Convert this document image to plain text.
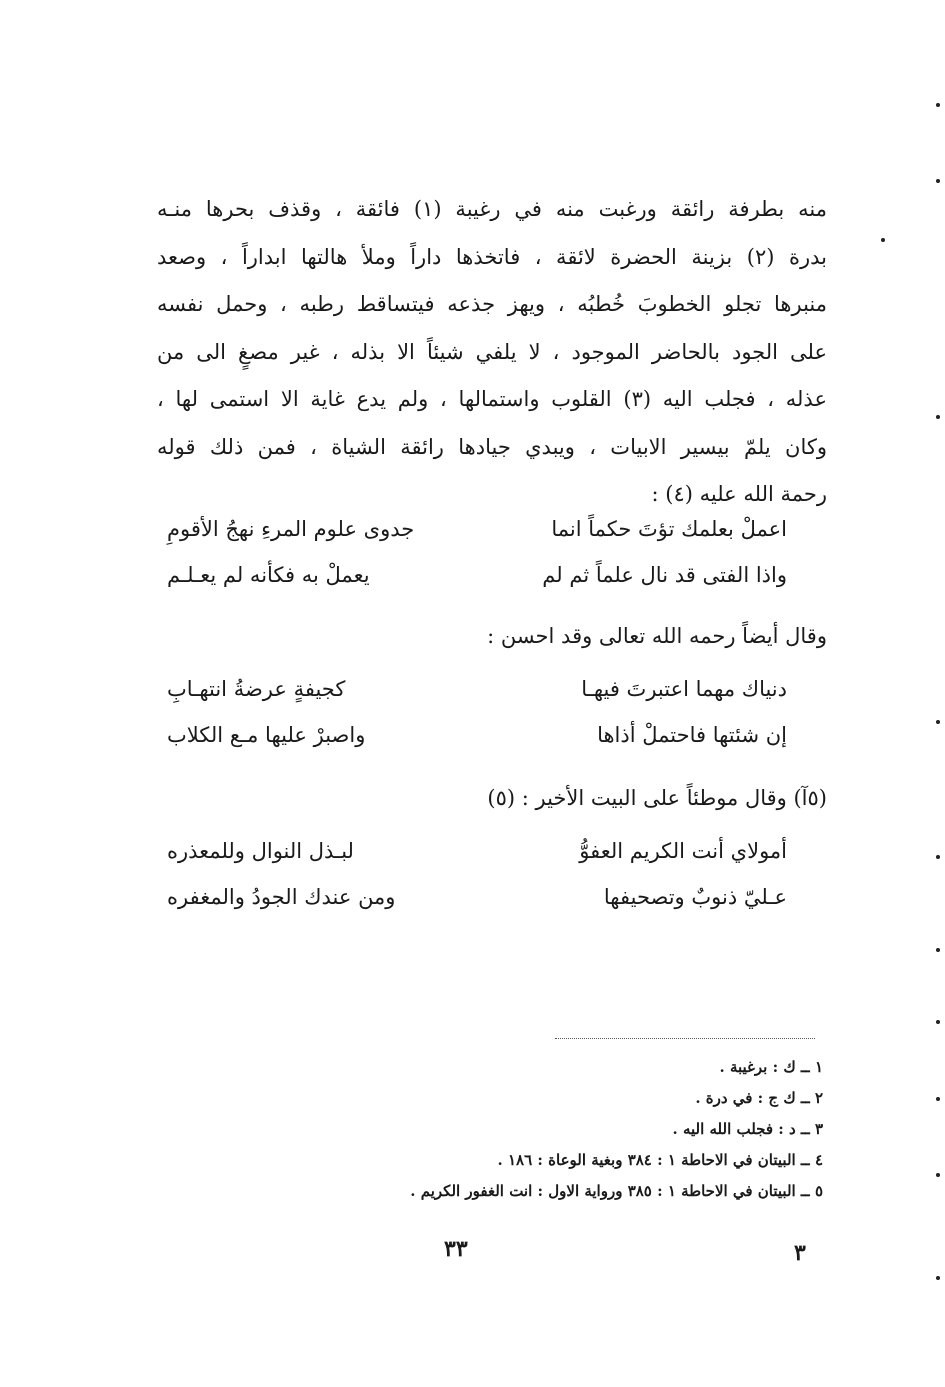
منه بطرفة رائقة ورغبت منه في رغيبة (١) فائقة ، وقذف بحرها منـه
بدرة (٢) بزينة الحضرة لائقة ، فاتخذها داراً وملأ هالتها ابداراً ، وصعد
منبرها تجلو الخطوبَ خُطبُه ، ويهز جذعه فيتساقط رطبه ، وحمل نفسه
على الجود بالحاضر الموجود ، لا يلفي شيئاً الا بذله ، غير مصغٍ الى من
عذله ، فجلب اليه (٣) القلوب واستمالها ، ولم يدع غاية الا استمى لها ،
وكان يلمّ بيسير الابيات ، ويبدي جيادها رائقة الشياة ، فمن ذلك قوله
رحمة الله عليه (٤) :
اعملْ بعلمك تؤتَ حكماً انما
جدوى علوم المرءِ نهجُ الأقومِ
واذا الفتى قد نال علماً ثم لم
يعملْ به فكأنه لم يعـلـم
وقال أيضاً رحمه الله تعالى وقد احسن :
دنياك مهما اعتبرتَ فيهـا
كجيفةٍ عرضةُ انتهـابِ
إن شئتها فاحتملْ أذاها
واصبرْ عليها مـع الكلاب
(٥آ) وقال موطئاً على البيت الأخير : (٥)
أمولاي أنت الكريم العفوُّ
لبـذل النوال وللمعذره
عـليّ ذنوبٌ وتصحيفها
ومن عندك الجودُ والمغفره
١ ــ ك : برغيبة .
٢ ــ ك ج : في درة .
٣ ــ د : فجلب الله اليه .
٤ ــ البيتان في الاحاطة ١ : ٣٨٤ وبغية الوعاة : ١٨٦ .
٥ ــ البيتان في الاحاطة ١ : ٣٨٥ ورواية الاول : انت الغفور الكريم .
٣٣	٣
